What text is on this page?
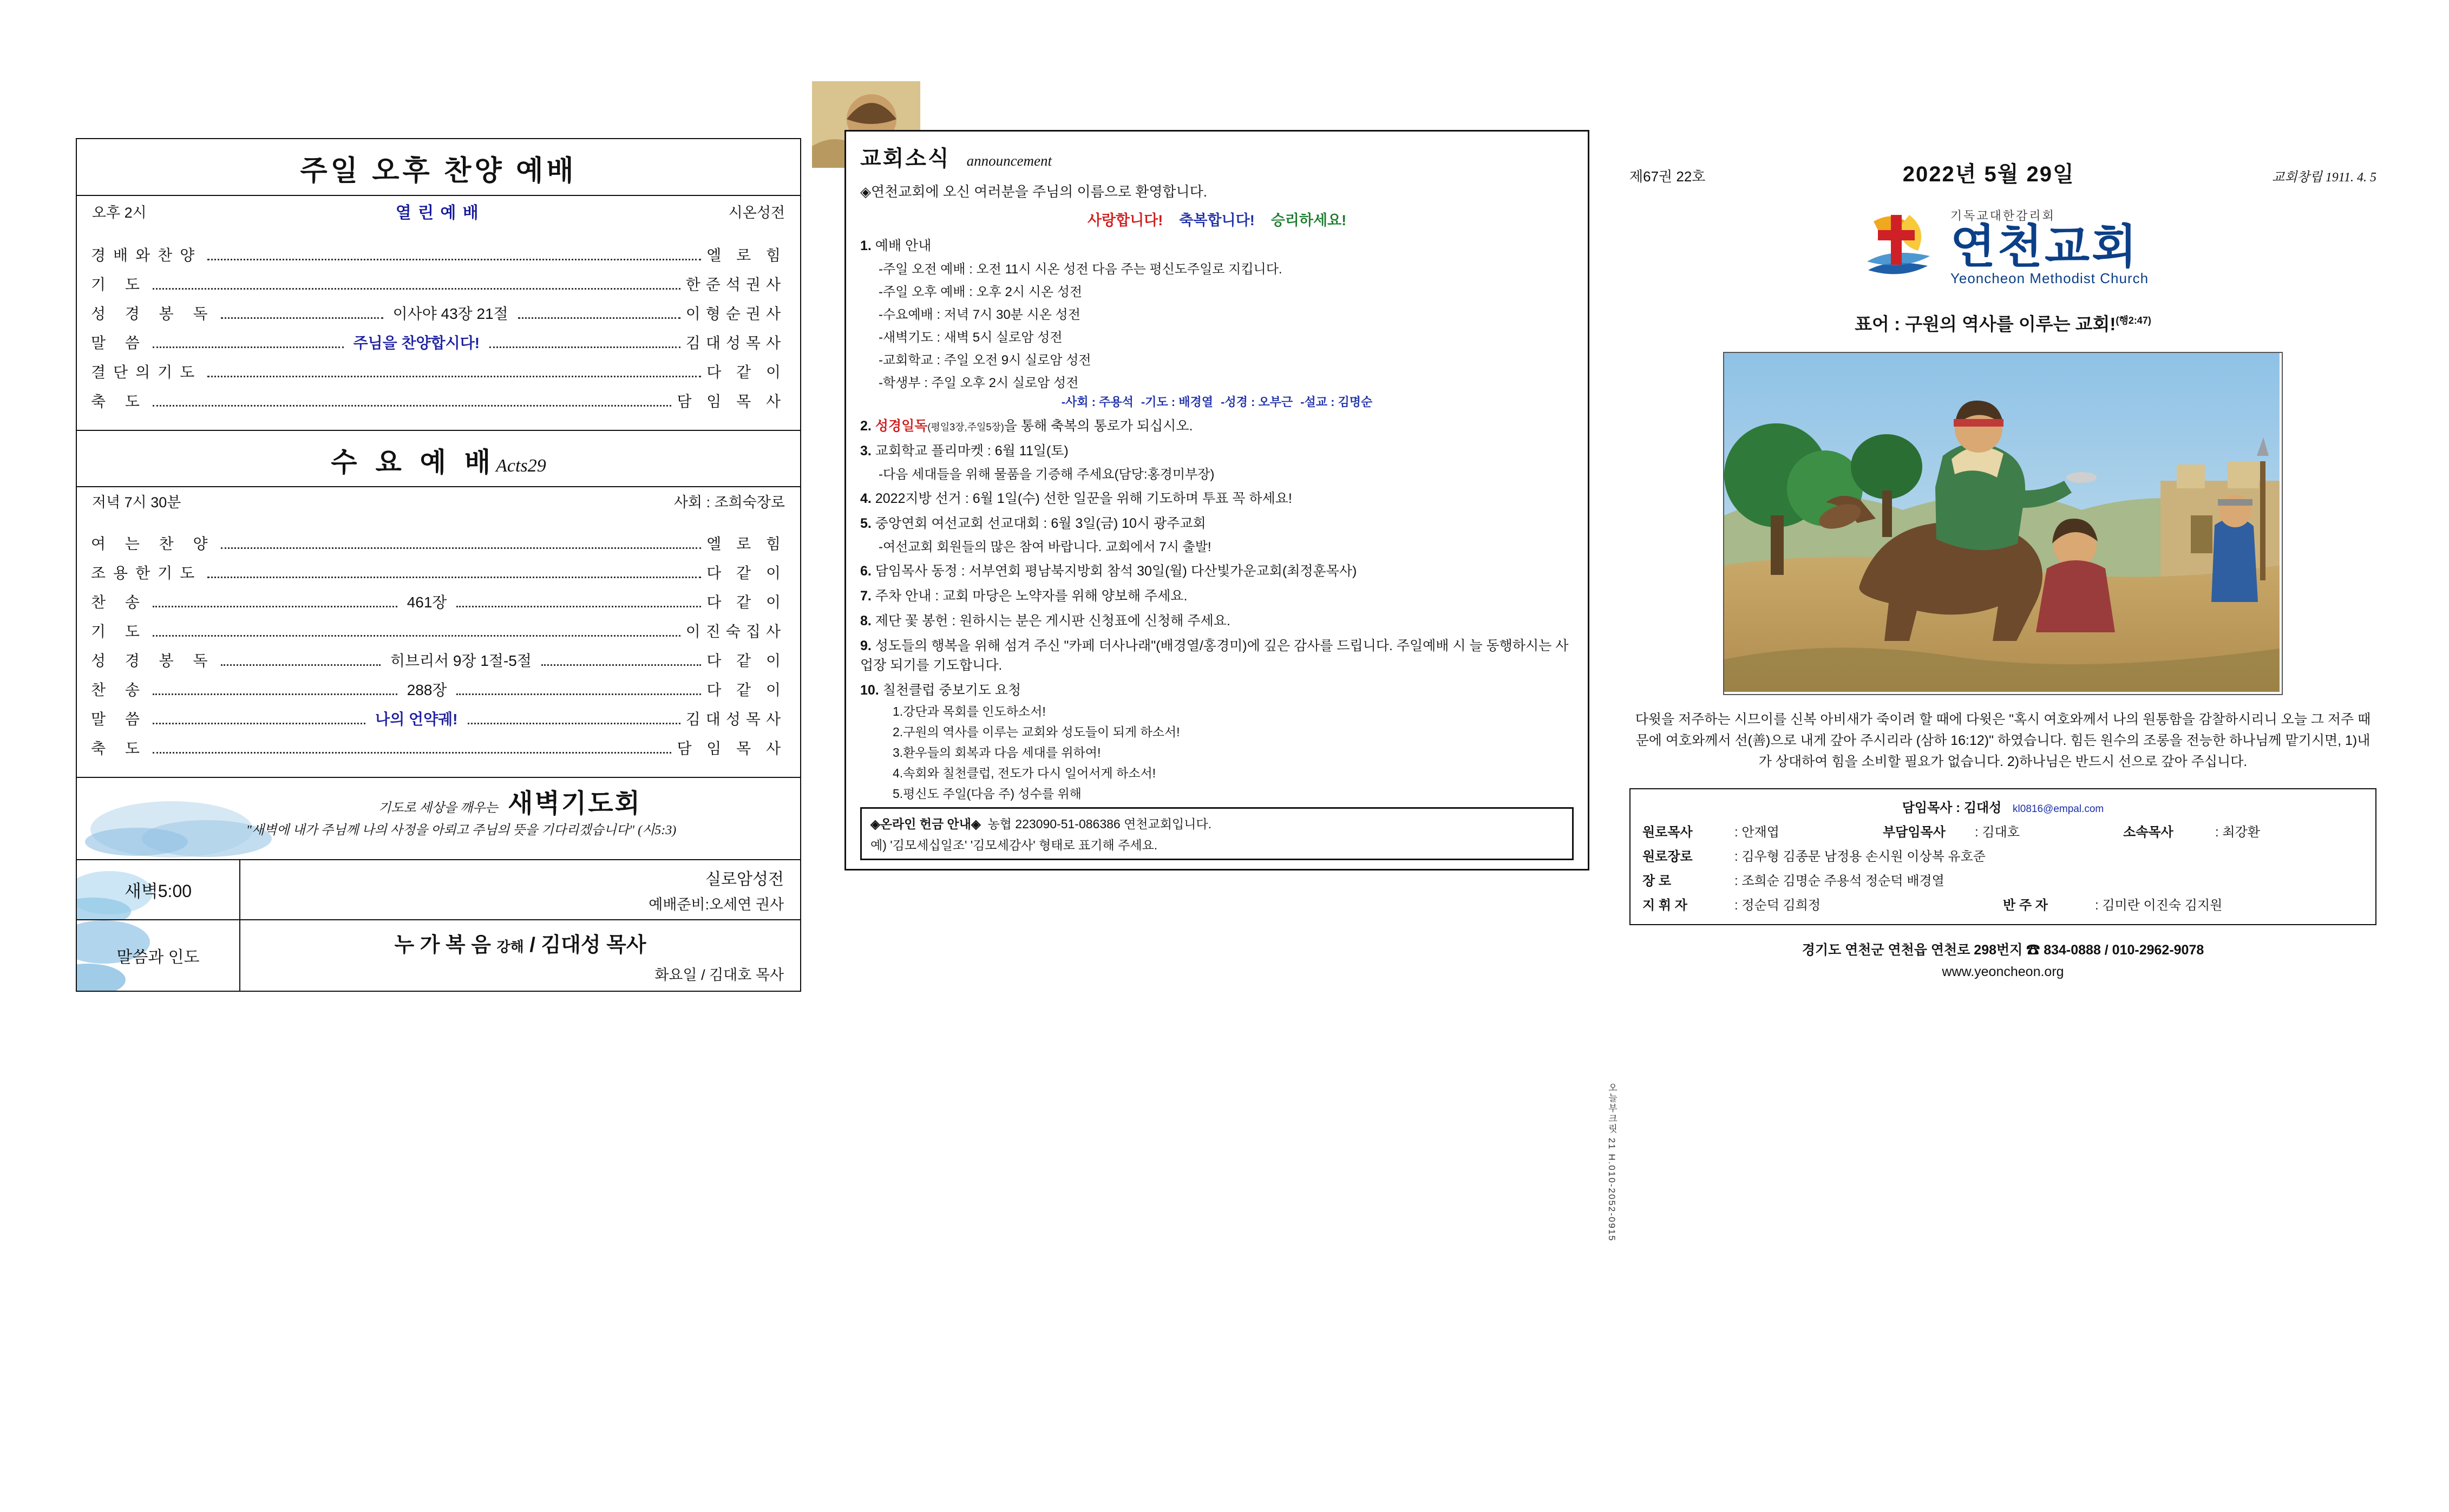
주일 오후 찬양 예배
오후 2시	열 린 예 배	시온성전
경배와찬양	엘 로 힘
기 도	한준석권사
성 경 봉 독	이사야 43장 21절	이형순권사
말 씀	주님을 찬양합시다!	김대성목사
결단의기도	다 같 이
축 도	담 임 목 사
수 요 예 배Acts29
저녁 7시 30분	사회 : 조희숙장로
여 는 찬 양	엘 로 힘
조용한기도	다 같 이
찬 송	461장	다 같 이
기 도	이진숙집사
성 경 봉 독	히브리서 9장 1절-5절	다 같 이
찬 송	288장	다 같 이
말 씀	나의 언약궤!	김대성목사
축 도	담 임 목 사
기도로 세상을 깨우는 새벽기도회
"새벽에 내가 주님께 나의 사정을 아뢰고 주님의 뜻을 기다리겠습니다" (시5:3)
새벽5:00
실로암성전
예배준비:오세연 권사
말씀과 인도
누 가 복 음 강해 / 김대성 목사
화요일 / 김대호 목사
교회소식 announcement
◈연천교회에 오신 여러분을 주님의 이름으로 환영합니다.
사랑합니다! 축복합니다! 승리하세요!
1. 예배 안내
-주일 오전 예배 : 오전 11시 시온 성전 다음 주는 평신도주일로 지킵니다.
-주일 오후 예배 : 오후 2시 시온 성전
-수요예배 : 저녁 7시 30분 시온 성전
-새벽기도 : 새벽 5시 실로암 성전
-교회학교 : 주일 오전 9시 실로암 성전
-학생부 : 주일 오후 2시 실로암 성전
-사회 : 주용석 -기도 : 배경열 -성경 : 오부근 -설교 : 김명순
2. 성경일독(평일3장,주일5장)을 통해 축복의 통로가 되십시오.
3. 교회학교 플리마켓 : 6월 11일(토)
-다음 세대들을 위해 물품을 기증해 주세요(담당:홍경미부장)
4. 2022지방 선거 : 6월 1일(수) 선한 일꾼을 위해 기도하며 투표 꼭 하세요!
5. 중앙연회 여선교회 선교대회 : 6월 3일(금) 10시 광주교회
-여선교회 회원들의 많은 참여 바랍니다. 교회에서 7시 출발!
6. 담임목사 동정 : 서부연회 평남북지방회 참석 30일(월) 다산빛가운교회(최정훈목사)
7. 주차 안내 : 교회 마당은 노약자를 위해 양보해 주세요.
8. 제단 꽃 봉헌 : 원하시는 분은 게시판 신청표에 신청해 주세요.
9. 성도들의 행복을 위해 섬겨 주신 "카페 더사나래"(배경열/홍경미)에 깊은 감사를 드립니다. 주일예배 시 늘 동행하시는 사업장 되기를 기도합니다.
10. 칠천클럽 중보기도 요청
1.강단과 목회를 인도하소서!
2.구원의 역사를 이루는 교회와 성도들이 되게 하소서!
3.환우들의 회복과 다음 세대를 위하여!
4.속회와 칠천클럽, 전도가 다시 일어서게 하소서!
5.평신도 주일(다음 주) 성수를 위해
◈온라인 헌금 안내◈ 농협 223090-51-086386 연천교회입니다.
예) '김모세십일조' '김모세감사' 형태로 표기해 주세요.
오늘부크릿 21 H.010-2052-0915
제67권 22호	2022년 5월 29일	교회창립 1911. 4. 5
기독교대한감리회
연천교회
Yeoncheon Methodist Church
표어 : 구원의 역사를 이루는 교회!$^{(행2:47)}$
다윗을 저주하는 시므이를 신복 아비새가 죽이려 할 때에 다윗은 "혹시 여호와께서 나의 원통함을 감찰하시리니 오늘 그 저주 때문에 여호와께서 선(善)으로 내게 갚아 주시리라 (삼하 16:12)" 하였습니다. 힘든 원수의 조롱을 전능한 하나님께 맡기시면, 1)내가 상대하여 힘을 소비할 필요가 없습니다. 2)하나님은 반드시 선으로 갚아 주십니다.
담임목사 : 김대성 kl0816@empal.com
원로목사	: 안재엽	부담임목사	: 김대호	소속목사	: 최강환
원로장로	: 김우형 김종문 남정용 손시원 이상복 유호준
장 로	: 조희순 김명순 주용석 정순덕 배경열
지 휘 자	: 정순덕 김희정	반 주 자	: 김미란 이진숙 김지원
경기도 연천군 연천읍 연천로 298번지 ☎ 834-0888 / 010-2962-9078
www.yeoncheon.org
